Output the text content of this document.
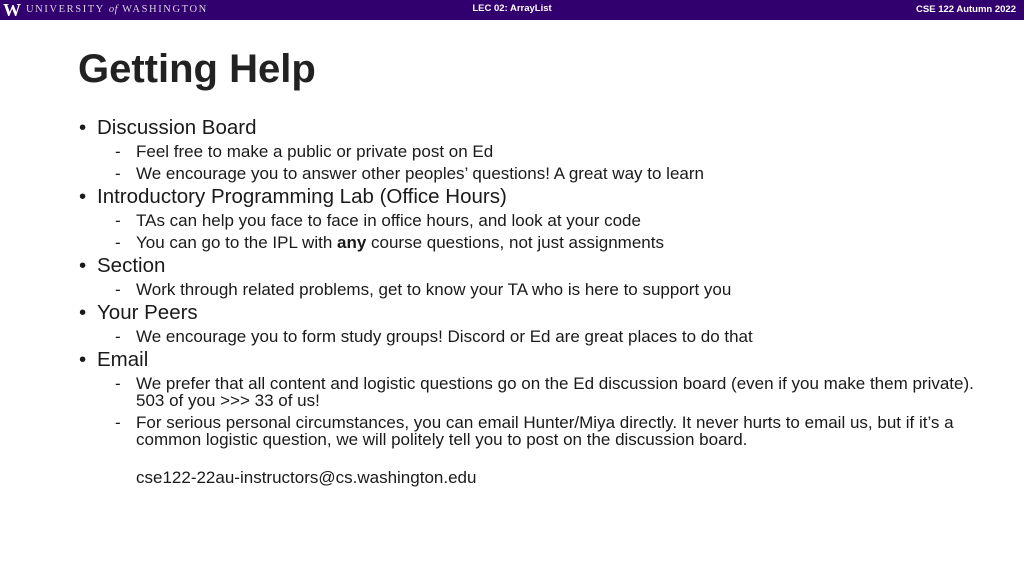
W UNIVERSITY of WASHINGTON	LEC 02: ArrayList	CSE 122 Autumn 2022
Getting Help
• Discussion Board
- Feel free to make a public or private post on Ed
- We encourage you to answer other peoples’ questions! A great way to learn
• Introductory Programming Lab (Office Hours)
- TAs can help you face to face in office hours, and look at your code
- You can go to the IPL with any course questions, not just assignments
• Section
- Work through related problems, get to know your TA who is here to support you
• Your Peers
- We encourage you to form study groups! Discord or Ed are great places to do that
• Email
- We prefer that all content and logistic questions go on the Ed discussion board (even if you make them private). 503 of you >>> 33 of us!
- For serious personal circumstances, you can email Hunter/Miya directly. It never hurts to email us, but if it’s a common logistic question, we will politely tell you to post on the discussion board.
cse122-22au-instructors@cs.washington.edu
